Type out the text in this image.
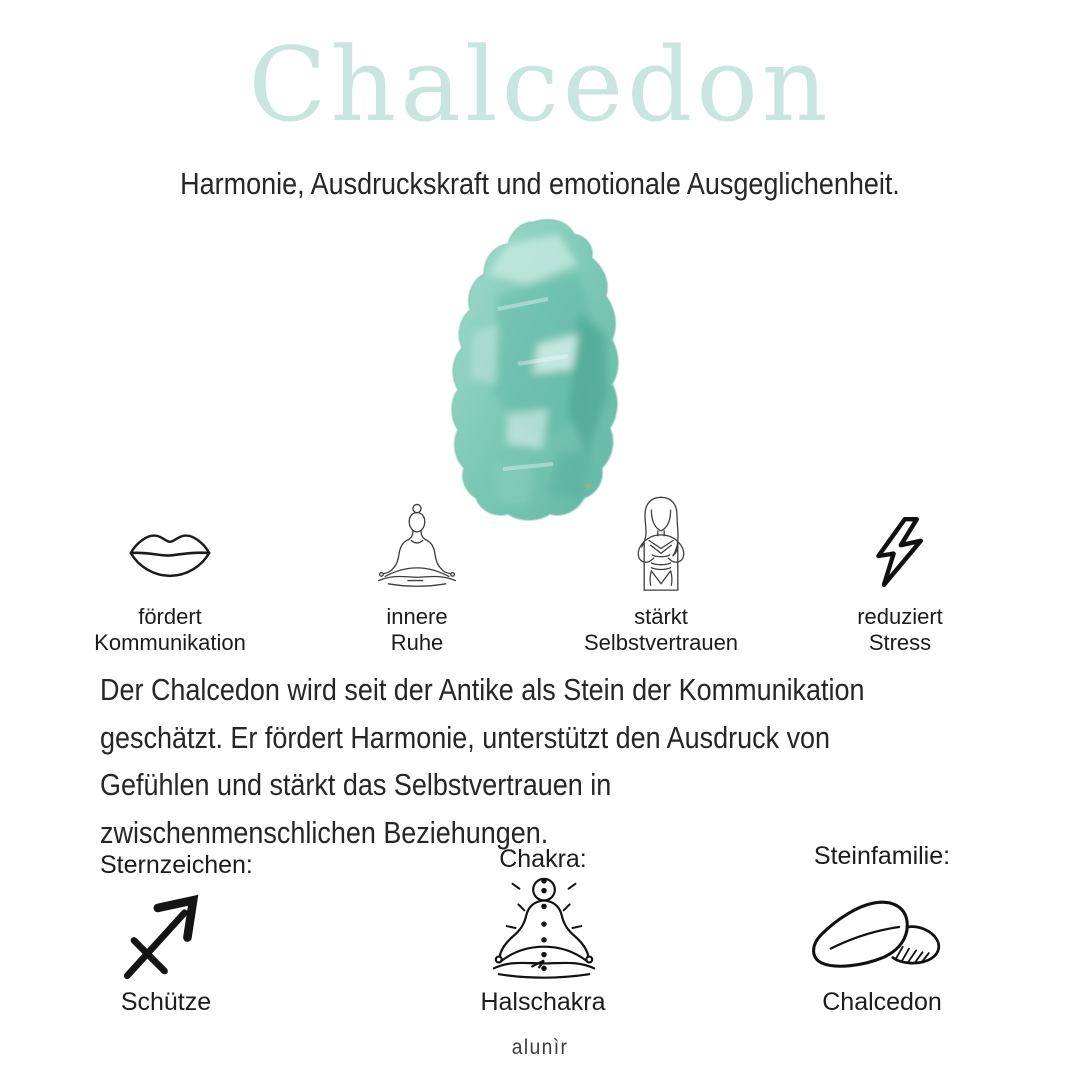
Chalcedon
Harmonie, Ausdruckskraft und emotionale Ausgeglichenheit.
fördert
Kommunikation
innere
Ruhe
stärkt
Selbstvertrauen
reduziert
Stress
Der Chalcedon wird seit der Antike als Stein der Kommunikation
geschätzt. Er fördert Harmonie, unterstützt den Ausdruck von
Gefühlen und stärkt das Selbstvertrauen in
zwischenmenschlichen Beziehungen.
Sternzeichen:
Schütze
Chakra:
Halschakra
Steinfamilie:
Chalcedon
alunìr
